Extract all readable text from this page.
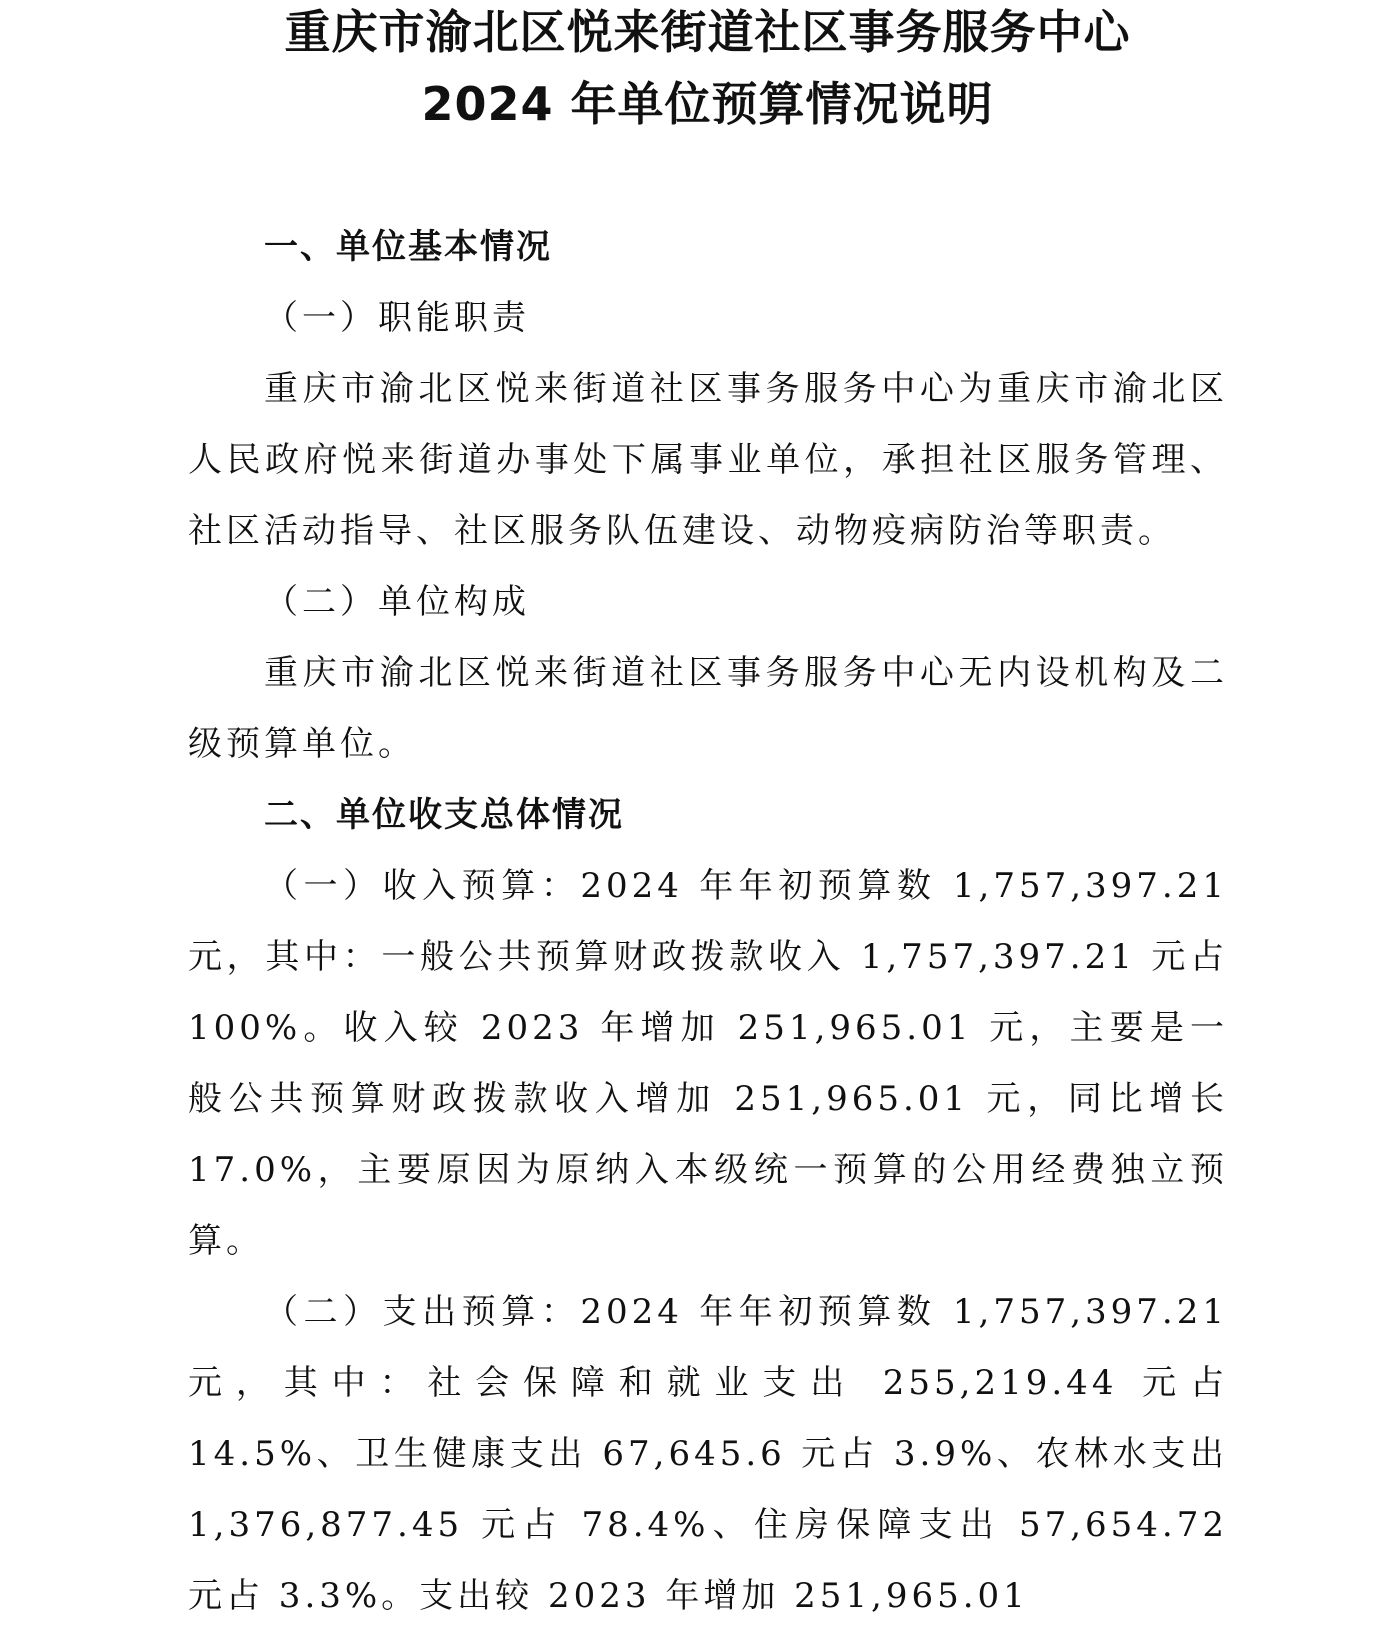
重庆市渝北区悦来街道社区事务服务中心
2024 年单位预算情况说明

一、单位基本情况

（一）职能职责

重庆市渝北区悦来街道社区事务服务中心为重庆市渝北区人民政府悦来街道办事处下属事业单位，承担社区服务管理、社区活动指导、社区服务队伍建设、动物疫病防治等职责。

（二）单位构成

重庆市渝北区悦来街道社区事务服务中心无内设机构及二级预算单位。

二、单位收支总体情况

（一）收入预算：2024 年年初预算数 1,757,397.21 元，其中：一般公共预算财政拨款收入 1,757,397.21 元占 100%。收入较 2023 年增加 251,965.01 元，主要是一般公共预算财政拨款收入增加 251,965.01 元，同比增长 17.0%，主要原因为原纳入本级统一预算的公用经费独立预算。

（二）支出预算：2024 年年初预算数 1,757,397.21 元，其中：社会保障和就业支出 255,219.44 元占 14.5%、卫生健康支出 67,645.6 元占 3.9%、农林水支出 1,376,877.45 元占 78.4%、住房保障支出 57,654.72 元占 3.3%。支出较 2023 年增加 251,965.01
